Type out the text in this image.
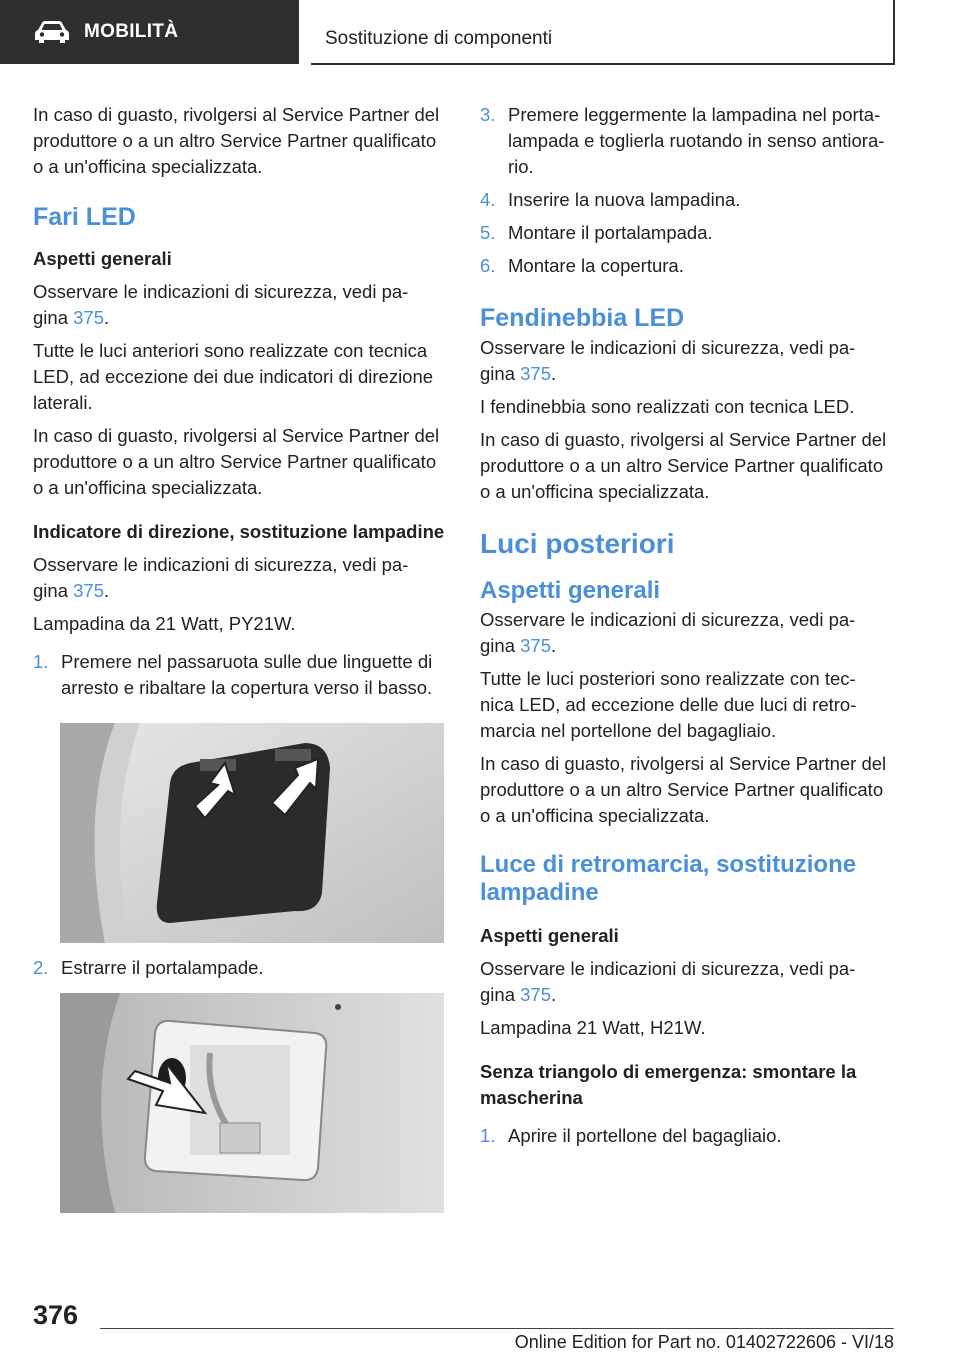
MOBILITÀ	Sostituzione di componenti

In caso di guasto, rivolgersi al Service Partner del produttore o a un altro Service Partner qualificato o a un'officina specializzata.

Fari LED
Aspetti generali

Osservare le indicazioni di sicurezza, vedi pa‐ gina 375.

Tutte le luci anteriori sono realizzate con tecnica LED, ad eccezione dei due indicatori di direzione laterali.

In caso di guasto, rivolgersi al Service Partner del produttore o a un altro Service Partner qualificato o a un'officina specializzata.

Indicatore di direzione, sostituzione lampadine

Osservare le indicazioni di sicurezza, vedi pa‐ gina 375.

Lampadina da 21 Watt, PY21W.

1. Premere nel passaruota sulle due linguette di arresto e ribaltare la copertura verso il basso.
2. Estrarre il portalampade.
3. Premere leggermente la lampadina nel porta‐ lampada e toglierla ruotando in senso antiora‐ rio.
4. Inserire la nuova lampadina.
5. Montare il portalampada.
6. Montare la copertura.
Fendinebbia LED

Osservare le indicazioni di sicurezza, vedi pa‐ gina 375.

I fendinebbia sono realizzati con tecnica LED.

In caso di guasto, rivolgersi al Service Partner del produttore o a un altro Service Partner qualificato o a un'officina specializzata.

Luci posteriori
Aspetti generali

Osservare le indicazioni di sicurezza, vedi pa‐ gina 375.

Tutte le luci posteriori sono realizzate con tec‐ nica LED, ad eccezione delle due luci di retro‐ marcia nel portellone del bagagliaio.

In caso di guasto, rivolgersi al Service Partner del produttore o a un altro Service Partner qualificato o a un'officina specializzata.

Luce di retromarcia, sostituzione lampadine
Aspetti generali

Osservare le indicazioni di sicurezza, vedi pa‐ gina 375.

Lampadina 21 Watt, H21W.

Senza triangolo di emergenza: smontare la mascherina
1. Aprire il portellone del bagagliaio.
376
Online Edition for Part no. 01402722606 - VI/18
